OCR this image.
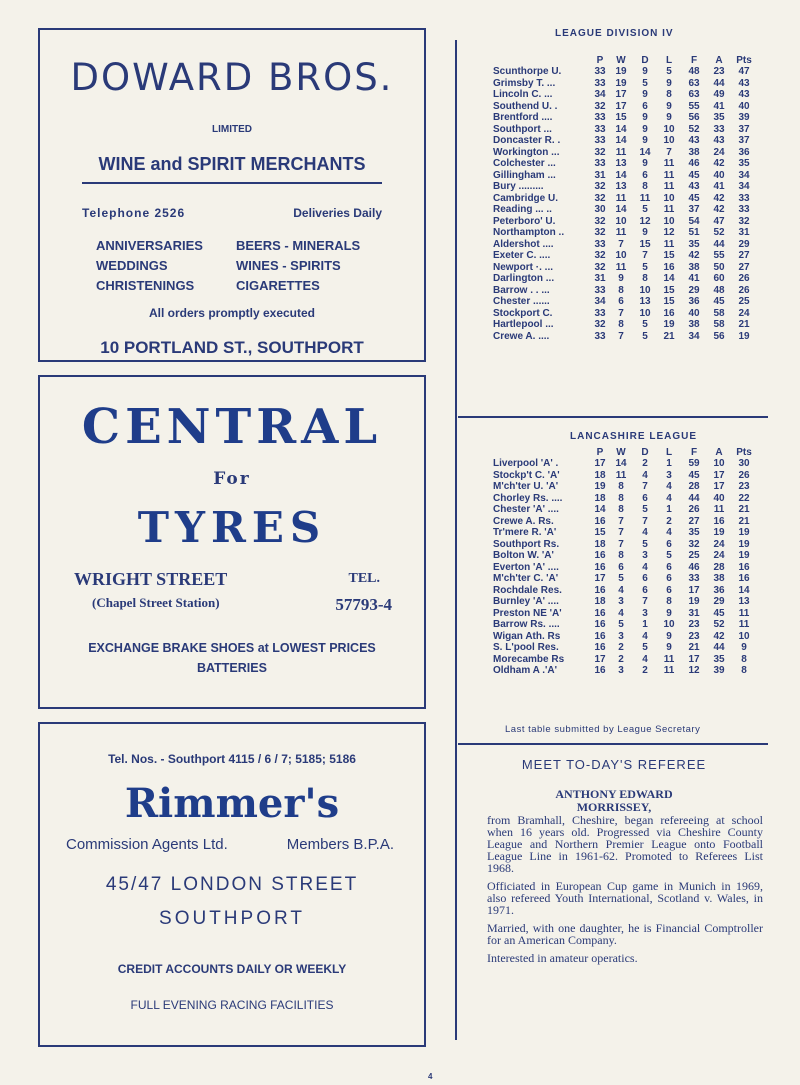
DOWARD BROS.
LIMITED
WINE and SPIRIT MERCHANTS
Telephone 2526	Deliveries Daily
ANNIVERSARIES
WEDDINGS
CHRISTENINGS
BEERS - MINERALS
WINES - SPIRITS
CIGARETTES
All orders promptly executed
10 PORTLAND ST., SOUTHPORT
CENTRAL
For
TYRES
WRIGHT STREET	TEL.
(Chapel Street Station)	57793-4
EXCHANGE BRAKE SHOES at LOWEST PRICES
BATTERIES
Tel. Nos. - Southport 4115 / 6 / 7; 5185; 5186
Rimmer's
Commission Agents Ltd.	Members B.P.A.
45/47 LONDON STREET
SOUTHPORT
CREDIT ACCOUNTS DAILY OR WEEKLY
FULL EVENING RACING FACILITIES
LEAGUE DIVISION IV
	P	W	D	L	F	A	Pts
Scunthorpe U.	33	19	9	5	48	23	47
Grimsby T. ...	33	19	5	9	63	44	43
Lincoln C. ...	34	17	9	8	63	49	43
Southend U. .	32	17	6	9	55	41	40
Brentford ....	33	15	9	9	56	35	39
Southport ...	33	14	9	10	52	33	37
Doncaster R. .	33	14	9	10	43	43	37
Workington ...	32	11	14	7	38	24	36
Colchester ...	33	13	9	11	46	42	35
Gillingham ...	31	14	6	11	45	40	34
Bury .........	32	13	8	11	43	41	34
Cambridge U.	32	11	11	10	45	42	33
Reading ... ..	30	14	5	11	37	42	33
Peterboro' U.	32	10	12	10	54	47	32
Northampton ..	32	11	9	12	51	52	31
Aldershot ....	33	7	15	11	35	44	29
Exeter C. ....	32	10	7	15	42	55	27
Newport ·. ...	32	11	5	16	38	50	27
Darlington ...	31	9	8	14	41	60	26
Barrow . . ...	33	8	10	15	29	48	26
Chester ......	34	6	13	15	36	45	25
Stockport C.	33	7	10	16	40	58	24
Hartlepool ...	32	8	5	19	38	58	21
Crewe A. ....	33	7	5	21	34	56	19
LANCASHIRE LEAGUE
	P	W	D	L	F	A	Pts
Liverpool 'A' .	17	14	2	1	59	10	30
Stockp't C. 'A'	18	11	4	3	45	17	26
M'ch'ter U. 'A'	19	8	7	4	28	17	23
Chorley Rs. ....	18	8	6	4	44	40	22
Chester 'A' ....	14	8	5	1	26	11	21
Crewe A. Rs.	16	7	7	2	27	16	21
Tr'mere R. 'A'	15	7	4	4	35	19	19
Southport Rs.	18	7	5	6	32	24	19
Bolton W. 'A'	16	8	3	5	25	24	19
Everton 'A' ....	16	6	4	6	46	28	16
M'ch'ter C. 'A'	17	5	6	6	33	38	16
Rochdale Res.	16	4	6	6	17	36	14
Burnley 'A' ....	18	3	7	8	19	29	13
Preston NE 'A'	16	4	3	9	31	45	11
Barrow Rs. ....	16	5	1	10	23	52	11
Wigan Ath. Rs	16	3	4	9	23	42	10
S. L'pool Res.	16	2	5	9	21	44	9
Morecambe Rs	17	2	4	11	17	35	8
Oldham A .'A'	16	3	2	11	12	39	8
Last table submitted by League Secretary
MEET TO-DAY'S REFEREE
ANTHONY EDWARD
MORRISSEY,

from Bramhall, Cheshire, began refereeing at school when 16 years old. Progressed via Cheshire County League and Northern Premier League onto Football League Line in 1961-62. Promoted to Referees List 1968.

Officiated in European Cup game in Munich in 1969, also refereed Youth International, Scotland v. Wales, in 1971.

Married, with one daughter, he is Financial Comptroller for an American Company.

Interested in amateur operatics.

4
